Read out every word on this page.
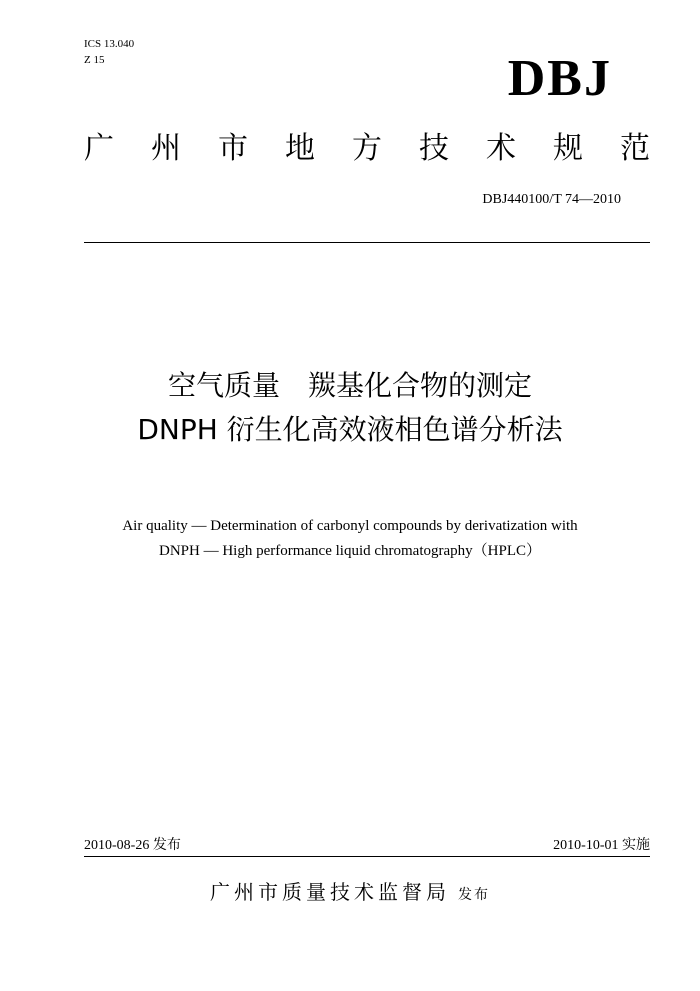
ICS 13.040
Z 15	DBJ
广 州 市 地 方 技 术 规 范
DBJ440100/T 74—2010
空气质量　羰基化合物的测定
DNPH 衍生化高效液相色谱分析法
Air quality — Determination of carbonyl compounds by derivatization with
DNPH — High performance liquid chromatography（HPLC）
2010-08-26 发布	2010-10-01 实施
广州市质量技术监督局 发布
